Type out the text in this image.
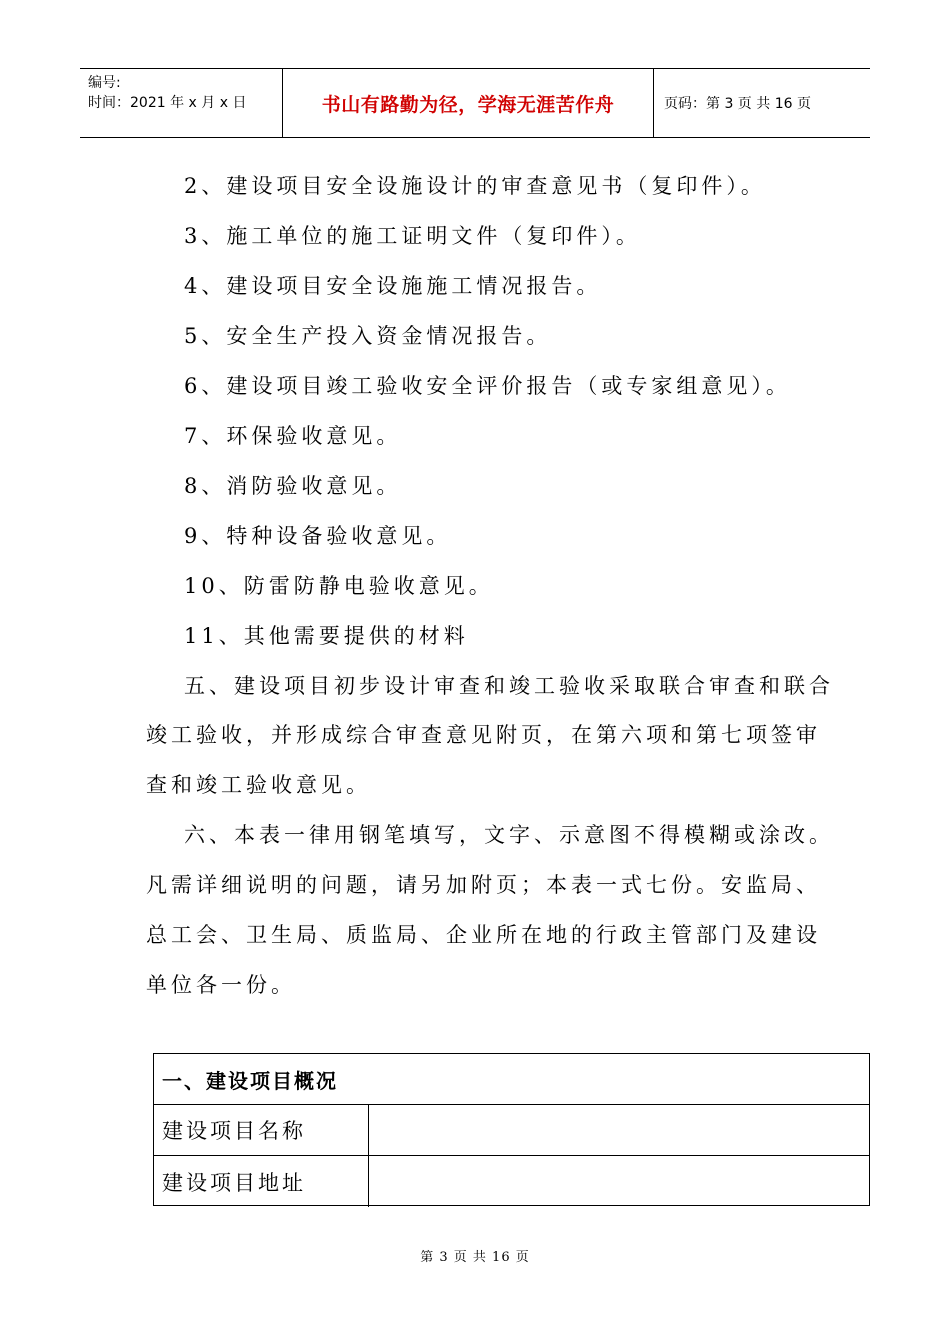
编号:
时间：2021 年 x 月 x 日	书山有路勤为径，学海无涯苦作舟	页码：第 3 页 共 16 页
2、建设项目安全设施设计的审查意见书（复印件）。
3、施工单位的施工证明文件（复印件）。
4、建设项目安全设施施工情况报告。
5、安全生产投入资金情况报告。
6、建设项目竣工验收安全评价报告（或专家组意见）。
7、环保验收意见。
8、消防验收意见。
9、特种设备验收意见。
10、防雷防静电验收意见。
11、其他需要提供的材料
五、建设项目初步设计审查和竣工验收采取联合审查和联合
竣工验收，并形成综合审查意见附页，在第六项和第七项签审
查和竣工验收意见。
六、本表一律用钢笔填写，文字、示意图不得模糊或涂改。
凡需详细说明的问题，请另加附页；本表一式七份。安监局、
总工会、卫生局、质监局、企业所在地的行政主管部门及建设
单位各一份。
一、建设项目概况
建设项目名称
建设项目地址
第 3 页 共 16 页
